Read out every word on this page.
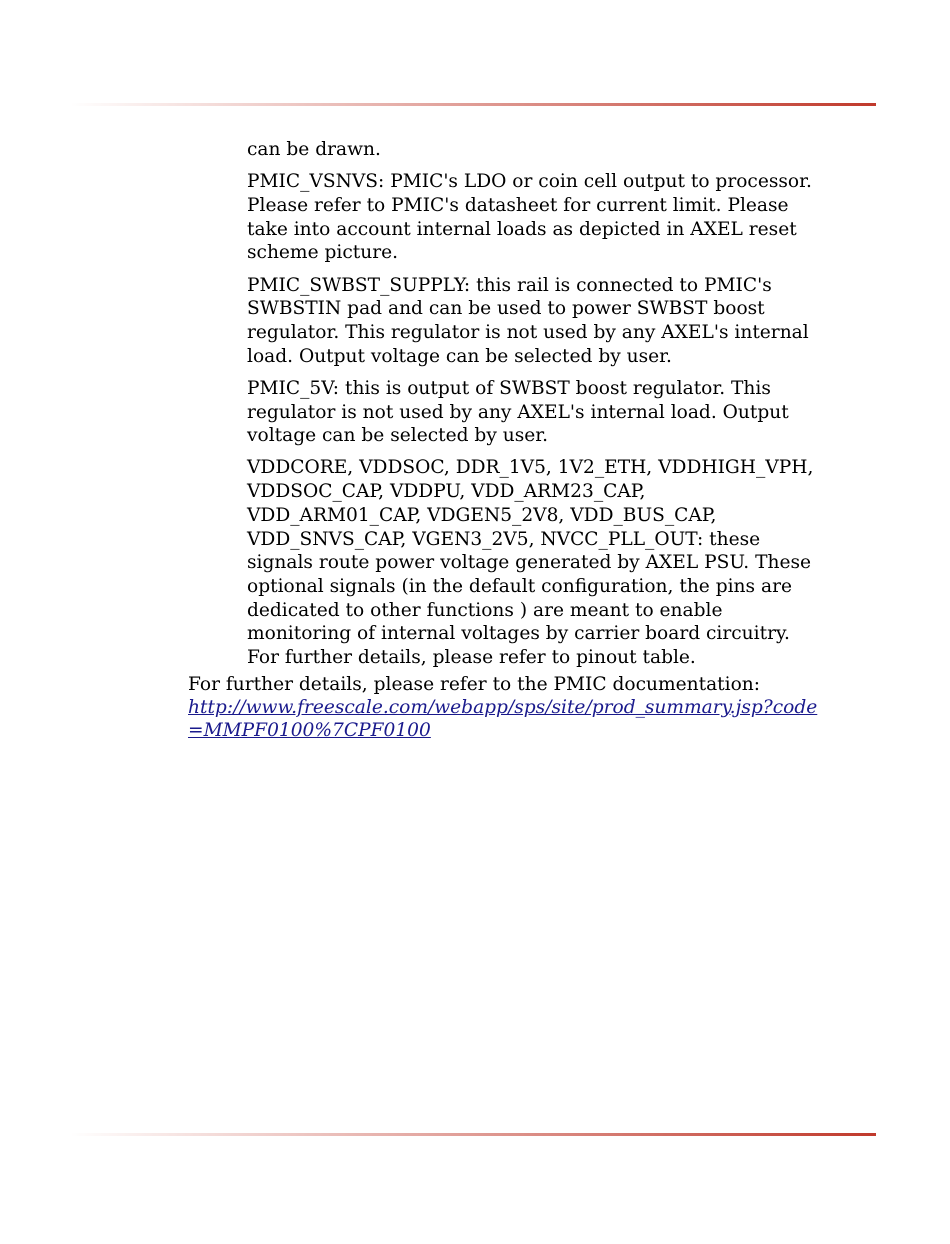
can be drawn.

PMIC_VSNVS: PMIC's LDO or coin cell output to processor. Please refer to PMIC's datasheet for current limit. Please take into account internal loads as depicted in AXEL reset scheme picture.

PMIC_SWBST_SUPPLY: this rail is connected to PMIC's SWBSTIN pad and can be used to power SWBST boost regulator. This regulator is not used by any AXEL's internal load. Output voltage can be selected by user.

PMIC_5V: this is output of SWBST boost regulator. This regulator is not used by any AXEL's internal load. Output voltage can be selected by user.

VDDCORE, VDDSOC, DDR_1V5, 1V2_ETH, VDDHIGH_VPH, VDDSOC_CAP, VDDPU, VDD_ARM23_CAP, VDD_ARM01_CAP, VDGEN5_2V8, VDD_BUS_CAP, VDD_SNVS_CAP, VGEN3_2V5, NVCC_PLL_OUT: these signals route power voltage generated by AXEL PSU. These optional signals (in the default configuration, the pins are dedicated to other functions ) are meant to enable monitoring of internal voltages by carrier board circuitry. For further details, please refer to pinout table.

For further details, please refer to the PMIC documentation:

http://www.freescale.com/webapp/sps/site/prod_summary.jsp?code=MMPF0100%7CPF0100
